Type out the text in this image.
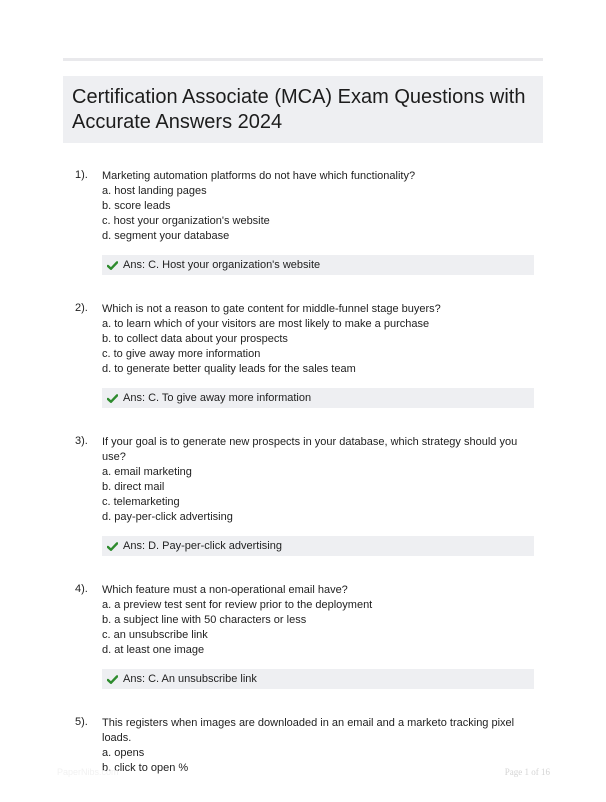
Certification Associate (MCA) Exam Questions with Accurate Answers 2024
1). Marketing automation platforms do not have which functionality?
a. host landing pages
b. score leads
c. host your organization's website
d. segment your database
Ans: C. Host your organization's website
2). Which is not a reason to gate content for middle-funnel stage buyers?
a. to learn which of your visitors are most likely to make a purchase
b. to collect data about your prospects
c. to give away more information
d. to generate better quality leads for the sales team
Ans: C. To give away more information
3). If your goal is to generate new prospects in your database, which strategy should you use?
a. email marketing
b. direct mail
c. telemarketing
d. pay-per-click advertising
Ans: D. Pay-per-click advertising
4). Which feature must a non-operational email have?
a. a preview test sent for review prior to the deployment
b. a subject line with 50 characters or less
c. an unsubscribe link
d. at least one image
Ans: C. An unsubscribe link
5). This registers when images are downloaded in an email and a marketo tracking pixel loads.
a. opens
b. click to open %
PaperNibs.com	Page 1 of 16
